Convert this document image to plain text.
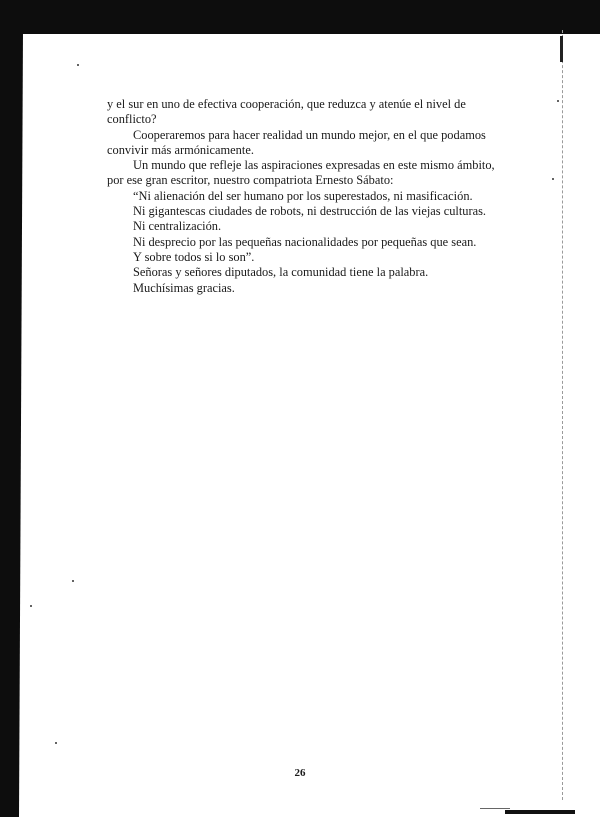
y el sur en uno de efectiva cooperación, que reduzca y atenúe el nivel de

conflicto?

Cooperaremos para hacer realidad un mundo mejor, en el que podamos

convivir más armónicamente.

Un mundo que refleje las aspiraciones expresadas en este mismo ámbito,

por ese gran escritor, nuestro compatriota Ernesto Sábato:

“Ni alienación del ser humano por los superestados, ni masificación.

Ni gigantescas ciudades de robots, ni destrucción de las viejas culturas.

Ni centralización.

Ni desprecio por las pequeñas nacionalidades por pequeñas que sean.

Y sobre todos si lo son”.

Señoras y señores diputados, la comunidad tiene la palabra.

Muchísimas gracias.

26
